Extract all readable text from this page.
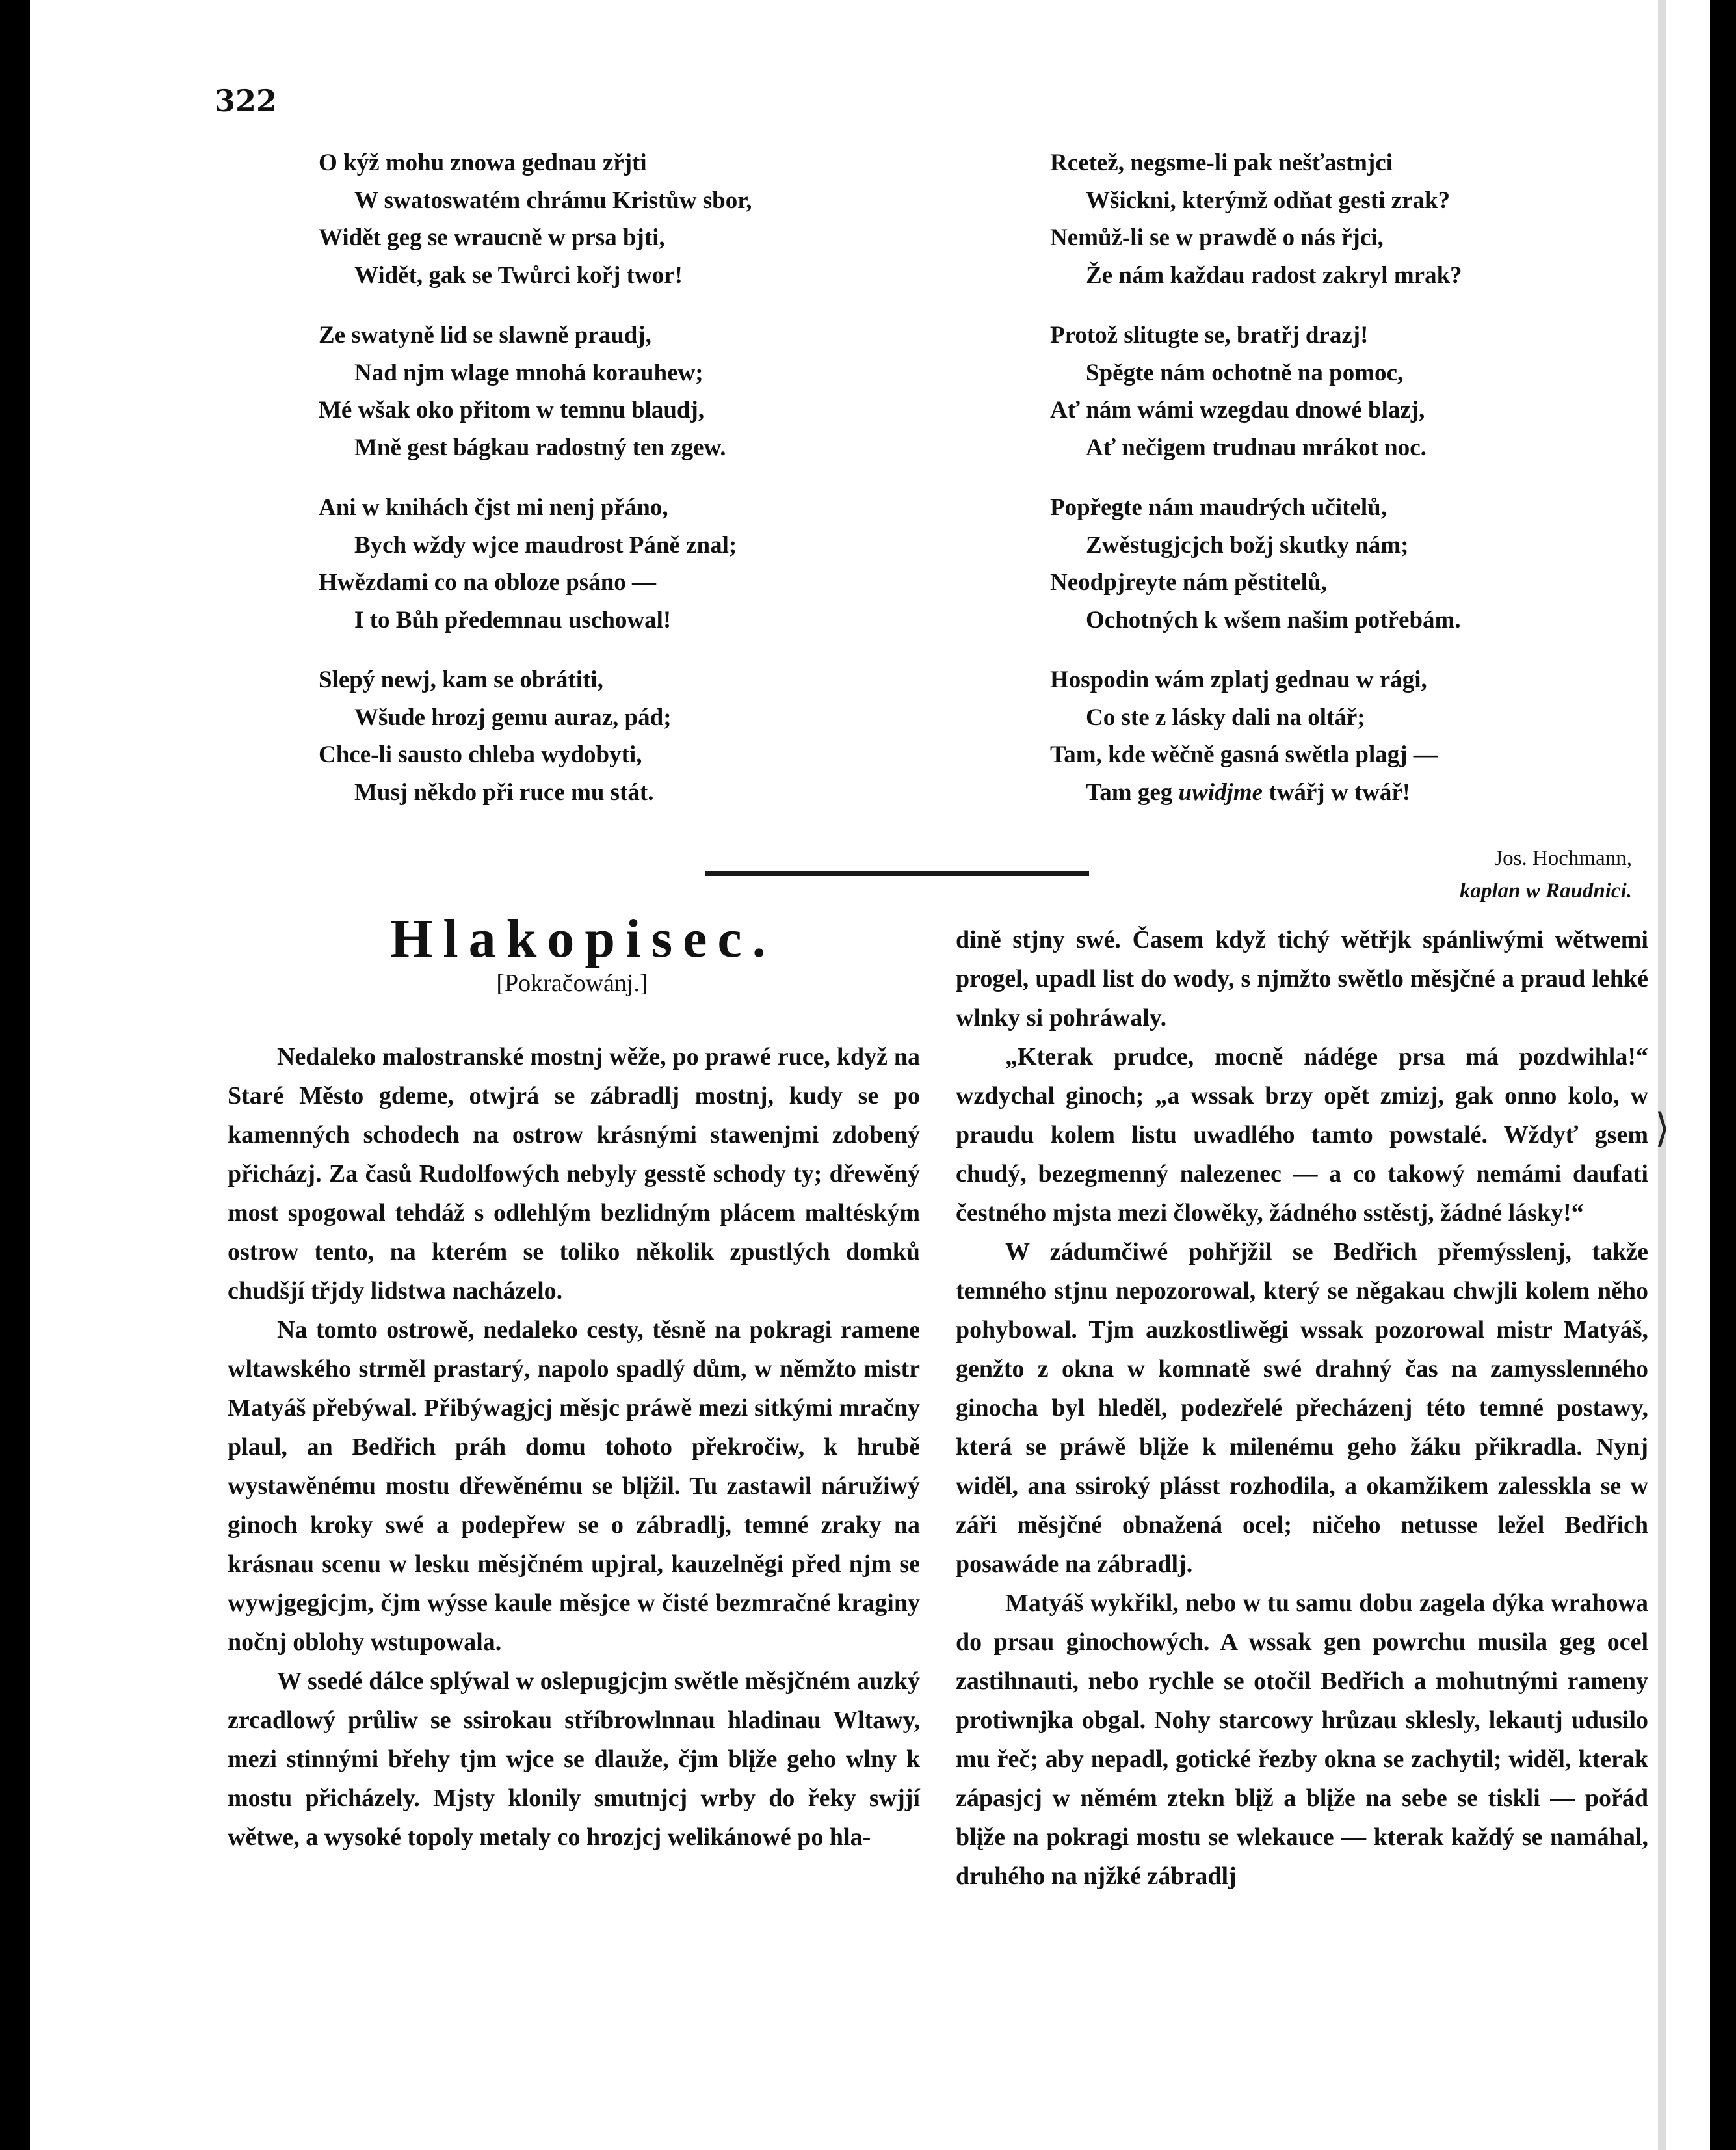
322
O kýž mohu znowa gednau zřjti
W swatoswatém chrámu Kristůw sbor,
Widět geg se wraucně w prsa bjti,
Widět, gak se Twůrci kořj twor!
Ze swatyně lid se slawně praudj,
Nad njm wlage mnohá korauhew;
Mé wšak oko přitom w temnu blaudj,
Mně gest bágkau radostný ten zgew.
Ani w knihách čjst mi nenj přáno,
Bych wždy wjce maudrost Páně znal;
Hwězdami co na obloze psáno —
I to Bůh předemnau uschowal!
Slepý newj, kam se obrátiti,
Wšude hrozj gemu auraz, pád;
Chce-li sausto chleba wydobyti,
Musj někdo při ruce mu stát.
Rcetež, negsme-li pak nešťastnjci
Wšickni, kterýmž odňat gesti zrak?
Nemůž-li se w prawdě o nás řjci,
Že nám každau radost zakryl mrak?
Protož slitugte se, bratřj drazj!
Spěgte nám ochotně na pomoc,
Ať nám wámi wzegdau dnowé blazj,
Ať nečigem trudnau mrákot noc.
Popřegte nám maudrých učitelů,
Zwěstugjcjch božj skutky nám;
Neodpjreyte nám pěstitelů,
Ochotných k wšem našim potřebám.
Hospodin wám zplatj gednau w rági,
Co ste z lásky dali na oltář;
Tam, kde wěčně gasná swětla plagj —
Tam geg uwidjme twářj w twář!
Jos. Hochmann,
kaplan w Raudnici.
Hlakopisec.
[Pokračowánj.]

Nedaleko malostranské mostnj wěže, po prawé ruce, když na Staré Město gdeme, otwjrá se zábradlj mostnj, kudy se po kamenných schodech na ostrow krásnými stawenjmi zdobený přicházj. Za časů Rudolfowých nebyly gesstě schody ty; dřewěný most spogowal tehdáž s odlehlým bezlidným plácem maltéským ostrow tento, na kterém se toliko několik zpustlých domků chudšjí třjdy lidstwa nacházelo.

Na tomto ostrowě, nedaleko cesty, těsně na pokragi ramene wltawského strměl prastarý, napolo spadlý dům, w němžto mistr Matyáš přebýwal. Přibýwagjcj měsjc práwě mezi sitkými mračny plaul, an Bedřich práh domu tohoto překročiw, k hrubě wystawěnému mostu dřewěnému se blįžil. Tu zastawil náružiwý ginoch kroky swé a podepřew se o zábradlj, temné zraky na krásnau scenu w lesku měsjčném upjral, kauzelněgi před njm se wywjgegjcjm, čjm wýsse kaule měsjce w čisté bezmračné kraginy nočnj oblohy wstupowala.

W ssedé dálce splýwal w oslepugjcjm swětle měsjčném auzký zrcadlowý průliw se ssirokau stříbrowlnnau hladinau Wltawy, mezi stinnými břehy tjm wjce se dlauže, čjm blįže geho wlny k mostu přicházely. Mjsty klonily smutnjcj wrby do řeky swjjí wětwe, a wysoké topoly metaly co hrozjcj welikánowé po hla-

dině stjny swé. Časem když tichý wětřjk spánliwými wětwemi progel, upadl list do wody, s njmžto swětlo měsjčné a praud lehké wlnky si pohráwaly.

„Kterak prudce, mocně nádége prsa má pozdwihla!“ wzdychal ginoch; „a wssak brzy opět zmizj, gak onno kolo, w praudu kolem listu uwadlého tamto powstalé. Wždyť gsem chudý, bezegmenný nalezenec — a co takowý nemámi daufati čestného mjsta mezi člowěky, žádného sstěstj, žádné lásky!“

W zádumčiwé pohřjžil se Bedřich přemýsslenj, takže temného stjnu nepozorowal, který se něgakau chwjli kolem něho pohybowal. Tjm auzkostliwěgi wssak pozorowal mistr Matyáš, genžto z okna w komnatě swé drahný čas na zamysslenného ginocha byl hleděl, podezřelé přecházenj této temné postawy, která se práwě blįže k milenému geho žáku přikradla. Nynj widěl, ana ssiroký plásst rozhodila, a okamžikem zalesskla se w záři měsjčné obnažená ocel; ničeho netusse ležel Bedřich posawáde na zábradlj.

Matyáš wykřikl, nebo w tu samu dobu zagela dýka wrahowa do prsau ginochowých. A wssak gen powrchu musila geg ocel zastihnauti, nebo rychle se otočil Bedřich a mohutnými rameny protiwnjka obgal. Nohy starcowy hrůzau sklesly, lekautj udusilo mu řeč; aby nepadl, gotické řezby okna se zachytil; widěl, kterak zápasjcj w němém ztekn blįž a blįže na sebe se tiskli — pořád blįže na pokragi mostu se wlekauce — kterak každý se namáhal, druhého na njžké zábradlj

⟩
